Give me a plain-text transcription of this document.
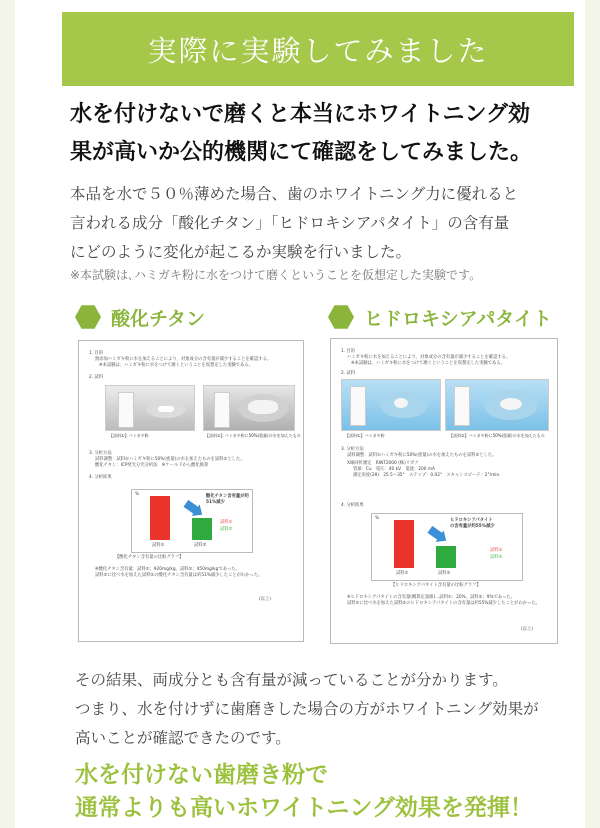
実際に実験してみました
水を付けないで磨くと本当にホワイトニング効
果が高いか公的機関にて確認をしてみました。
本品を水で５０％薄めた場合、歯のホワイトニング力に優れると
言われる成分「酸化チタン」「ヒドロキシアパタイト」の含有量
にどのように変化が起こるか実験を行いました。
※本試験は､ハミガキ粉に水をつけて磨くということを仮想定した実験です。
酸化チタン	ヒドロキシアパタイト
1. 目的
無添加ハミガキ粉に水を加えることにより、対象成分の含有量が減少することを確認する。
※本試験は、ハミガキ粉に水をつけて磨くということを仮想定した実験である。
2. 試料
【試料①】ハミガキ粉	【試料②】ハミガキ粉に50%(重量)の水を加えたもの
3. 分析方法
試料調整：試料①ハミガキ粉に50%(重量)の水を加えたものを試料②とした。
酸化チタン：ICP発光分光分析法　※ケールドから酸化換算
4. 分析結果
%
試料①	試料②
酸化チタン含有量が約51%減少
試料①
試料②
【酸化チタン含有量の比較グラフ】
※酸化チタン含有量：試料①；920mg/kg、試料②；450mg/kgであった。
試料②に比べ水を加えた試料②の酸化チタン含有量は約51%減少したことがわかった。
(以上)
1. 目的
ハミガキ粉に水を加えることにより、対象成分の含有量が減少することを確認する。
※本試験は、ハミガキ粉に水をつけて磨くということを仮想定した実験である。
2. 試料
【試料①】ハミガキ粉	【試料②】ハミガキ粉に50%(重量)の水を加えたもの
3. 分析方法
試料調整：試料①ハミガキ粉に50%(重量)の水を加えたものを試料②とした。
X線回折測定　RINT2000 (株)リガク
管球：Cu　電圧：40 kV　電流：200 mA
測定角度(2θ)：25.5〜35°　ステップ：0.02°　スキャンスピード：2°/min.
4. 分析結果
%
試料①	試料②
ヒドロキシアパタイトの含有量が約55%減少
試料①
試料②
【ヒドロキシアパタイト含有量の比較グラフ】
※ヒドロキシアパタイトの含有量(概算定量値)…試料①；20%、試料②；9%であった。
試料②に比べ水を加えた試料②のヒドロキシアパタイトの含有量は約55%減少したことがわかった。
(以上)
その結果、両成分とも含有量が減っていることが分かります。
つまり、水を付けずに歯磨きした場合の方がホワイトニング効果が
高いことが確認できたのです。
水を付けない歯磨き粉で
通常よりも高いホワイトニング効果を発揮！
